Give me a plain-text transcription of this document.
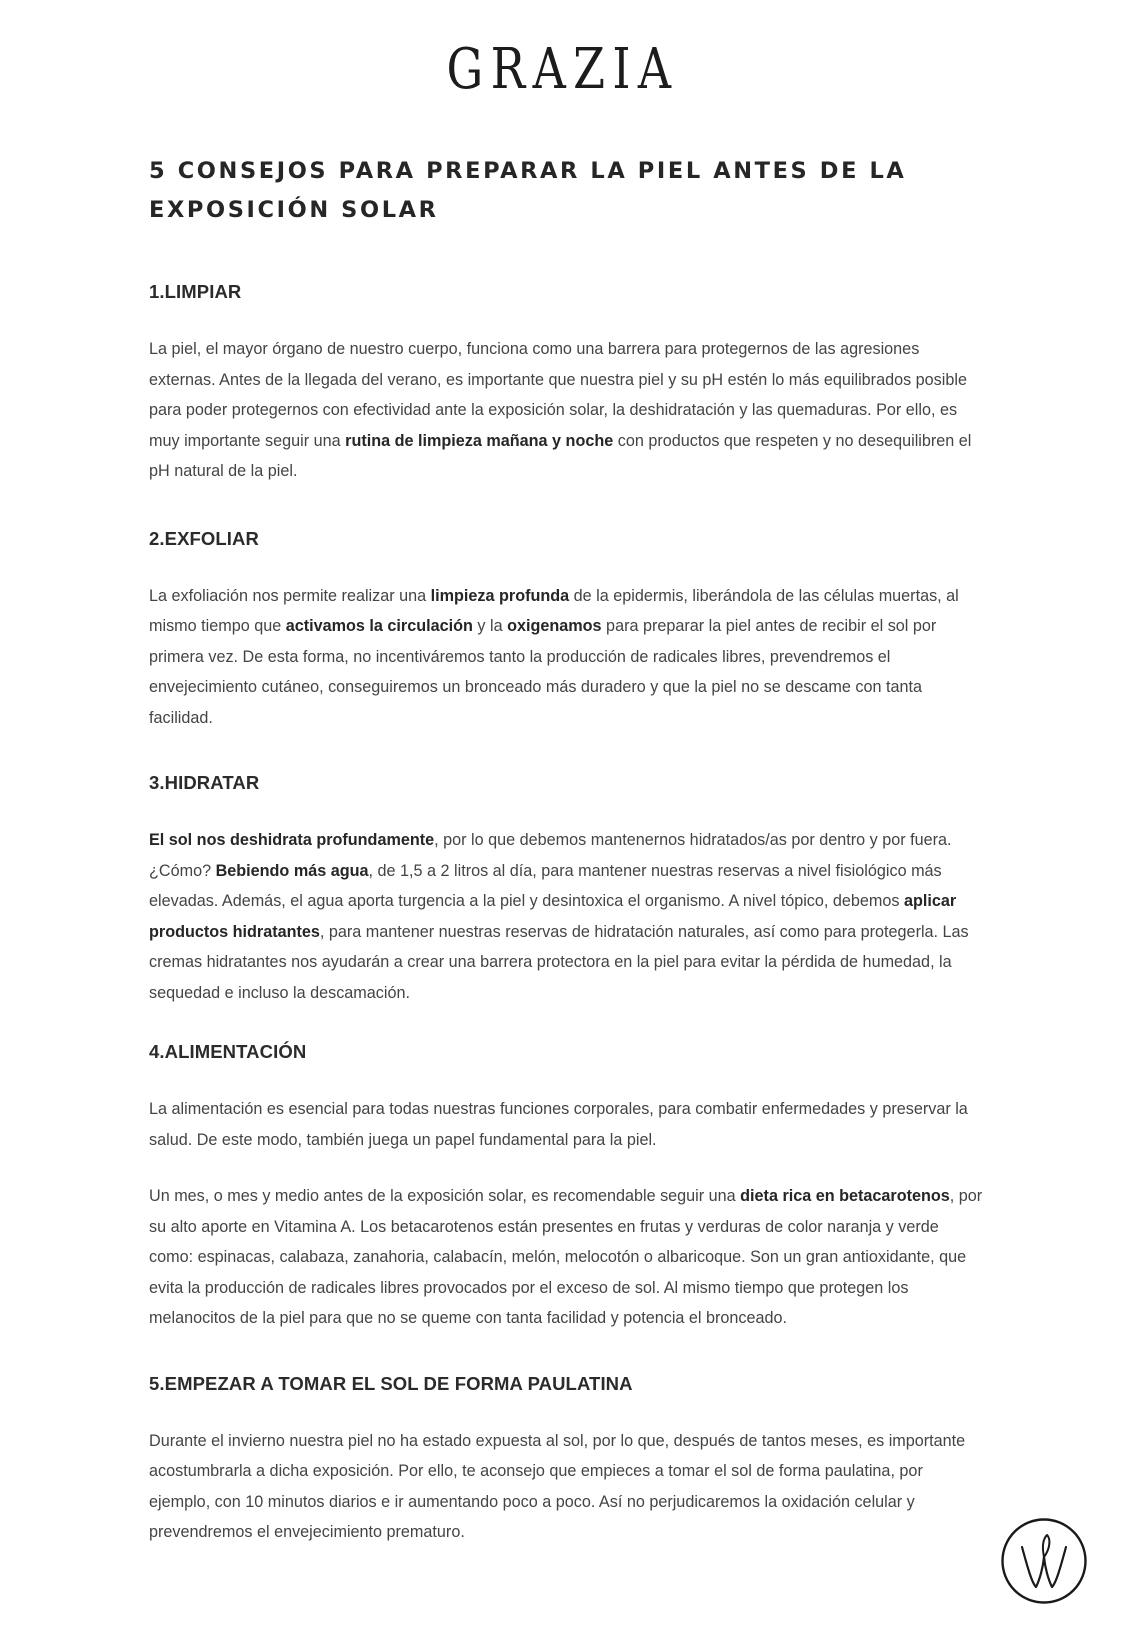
GRAZIA
5 CONSEJOS PARA PREPARAR LA PIEL ANTES DE LA EXPOSICIÓN SOLAR
1.LIMPIAR

La piel, el mayor órgano de nuestro cuerpo, funciona como una barrera para protegernos de las agresiones externas. Antes de la llegada del verano, es importante que nuestra piel y su pH estén lo más equilibrados posible para poder protegernos con efectividad ante la exposición solar, la deshidratación y las quemaduras. Por ello, es muy importante seguir una rutina de limpieza mañana y noche con productos que respeten y no desequilibren el pH natural de la piel.

2.EXFOLIAR

La exfoliación nos permite realizar una limpieza profunda de la epidermis, liberándola de las células muertas, al mismo tiempo que activamos la circulación y la oxigenamos para preparar la piel antes de recibir el sol por primera vez. De esta forma, no incentiváremos tanto la producción de radicales libres, prevendremos el envejecimiento cutáneo, conseguiremos un bronceado más duradero y que la piel no se descame con tanta facilidad.

3.HIDRATAR

El sol nos deshidrata profundamente, por lo que debemos mantenernos hidratados/as por dentro y por fuera. ¿Cómo? Bebiendo más agua, de 1,5 a 2 litros al día, para mantener nuestras reservas a nivel fisiológico más elevadas. Además, el agua aporta turgencia a la piel y desintoxica el organismo. A nivel tópico, debemos aplicar productos hidratantes, para mantener nuestras reservas de hidratación naturales, así como para protegerla. Las cremas hidratantes nos ayudarán a crear una barrera protectora en la piel para evitar la pérdida de humedad, la sequedad e incluso la descamación.

4.ALIMENTACIÓN

La alimentación es esencial para todas nuestras funciones corporales, para combatir enfermedades y preservar la salud. De este modo, también juega un papel fundamental para la piel.

Un mes, o mes y medio antes de la exposición solar, es recomendable seguir una dieta rica en betacarotenos, por su alto aporte en Vitamina A. Los betacarotenos están presentes en frutas y verduras de color naranja y verde como: espinacas, calabaza, zanahoria, calabacín, melón, melocotón o albaricoque. Son un gran antioxidante, que evita la producción de radicales libres provocados por el exceso de sol. Al mismo tiempo que protegen los melanocitos de la piel para que no se queme con tanta facilidad y potencia el bronceado.

5.EMPEZAR A TOMAR EL SOL DE FORMA PAULATINA

Durante el invierno nuestra piel no ha estado expuesta al sol, por lo que, después de tantos meses, es importante acostumbrarla a dicha exposición. Por ello, te aconsejo que empieces a tomar el sol de forma paulatina, por ejemplo, con 10 minutos diarios e ir aumentando poco a poco. Así no perjudicaremos la oxidación celular y prevendremos el envejecimiento prematuro.
